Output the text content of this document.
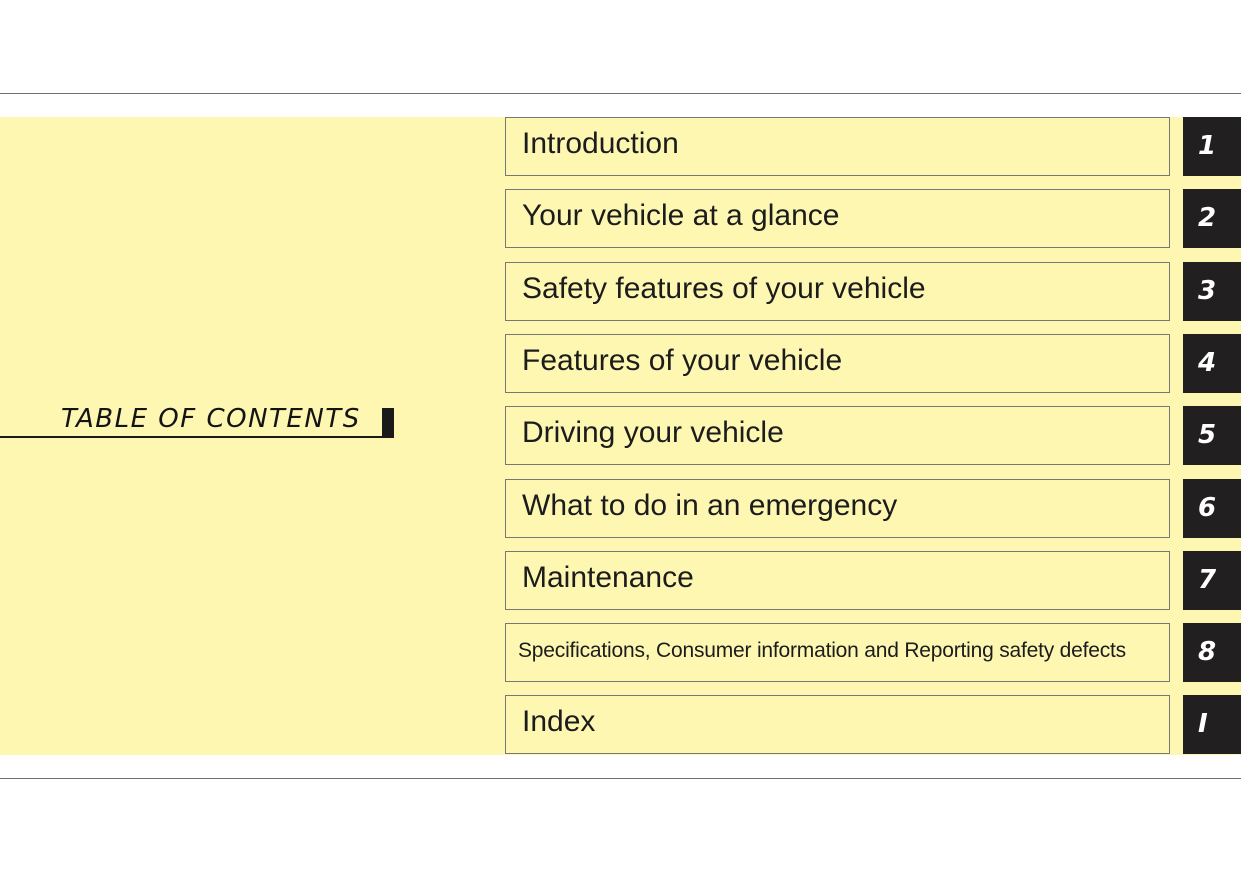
TABLE OF CONTENTS
Introduction	1
Your vehicle at a glance	2
Safety features of your vehicle	3
Features of your vehicle	4
Driving your vehicle	5
What to do in an emergency	6
Maintenance	7
Specifications, Consumer information and Reporting safety defects	8
Index	I
